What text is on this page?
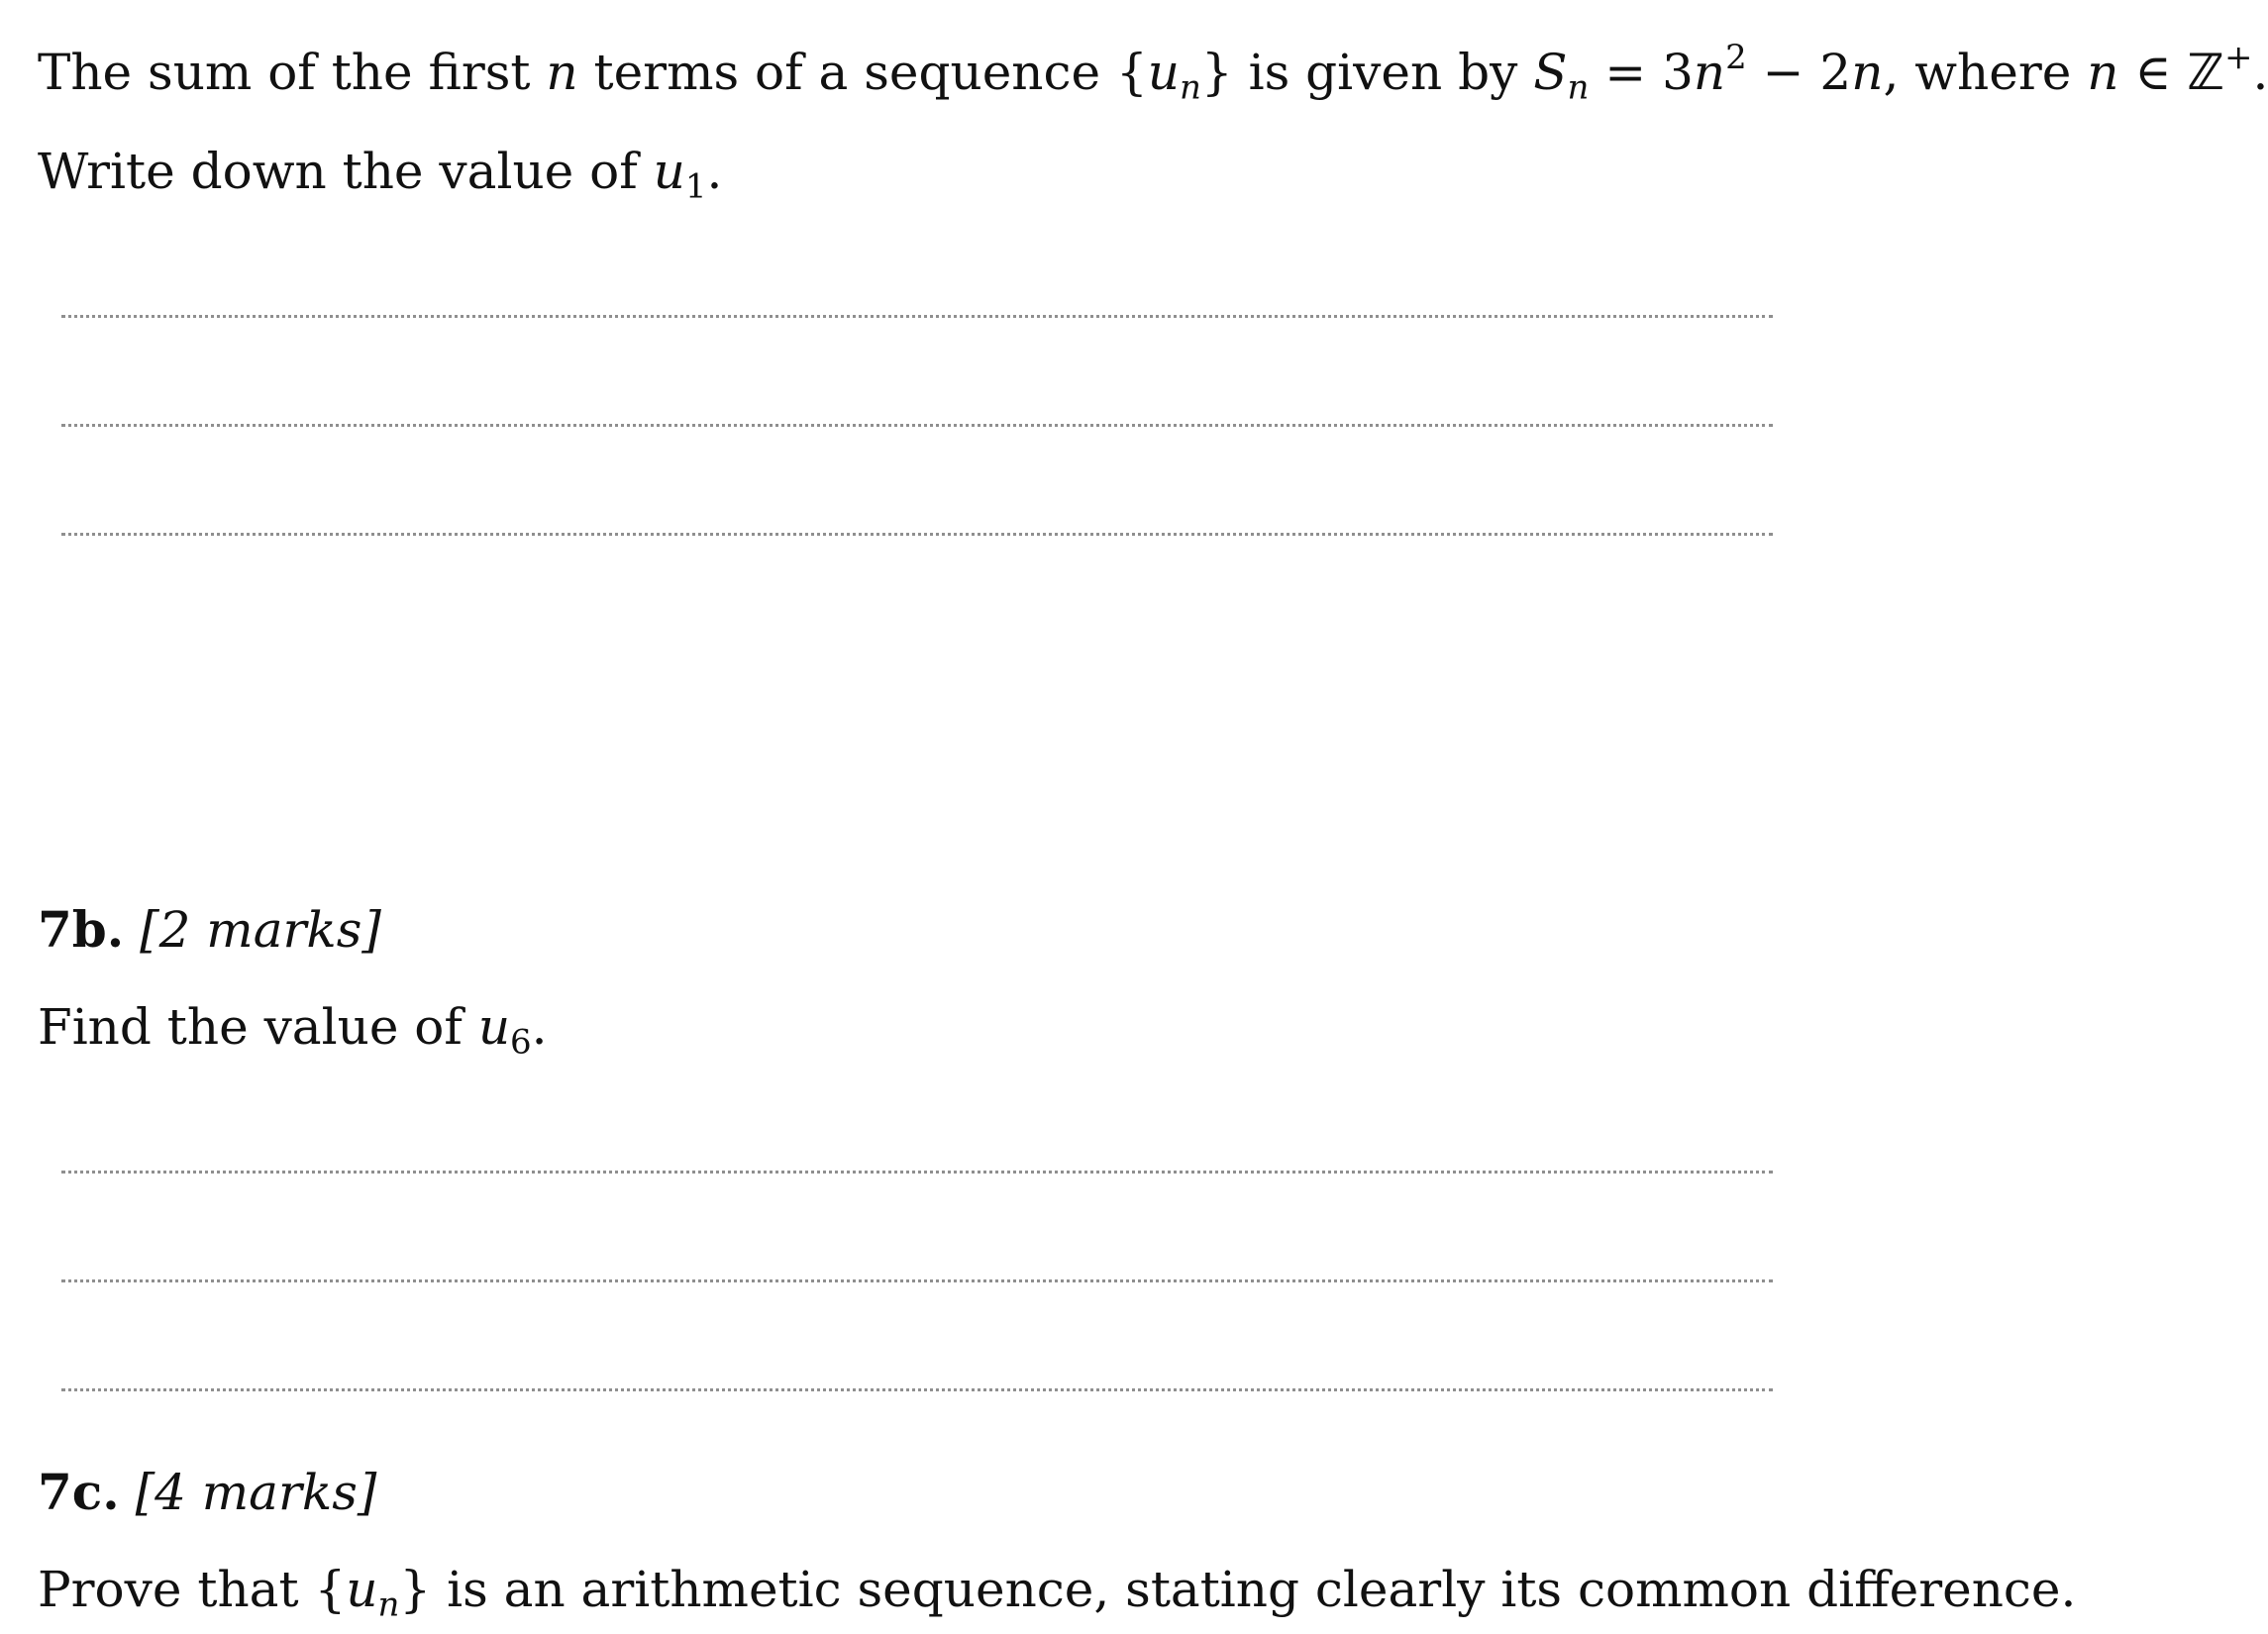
The sum of the first n terms of a sequence $\{u_n\}$ is given by $S_n = 3n^2 - 2n$, where n ∈ ℤ+.
Write down the value of $u_1$.
7b. [2 marks]
Find the value of $u_6$.
7c. [4 marks]
Prove that $\{u_n\}$ is an arithmetic sequence, stating clearly its common difference.
